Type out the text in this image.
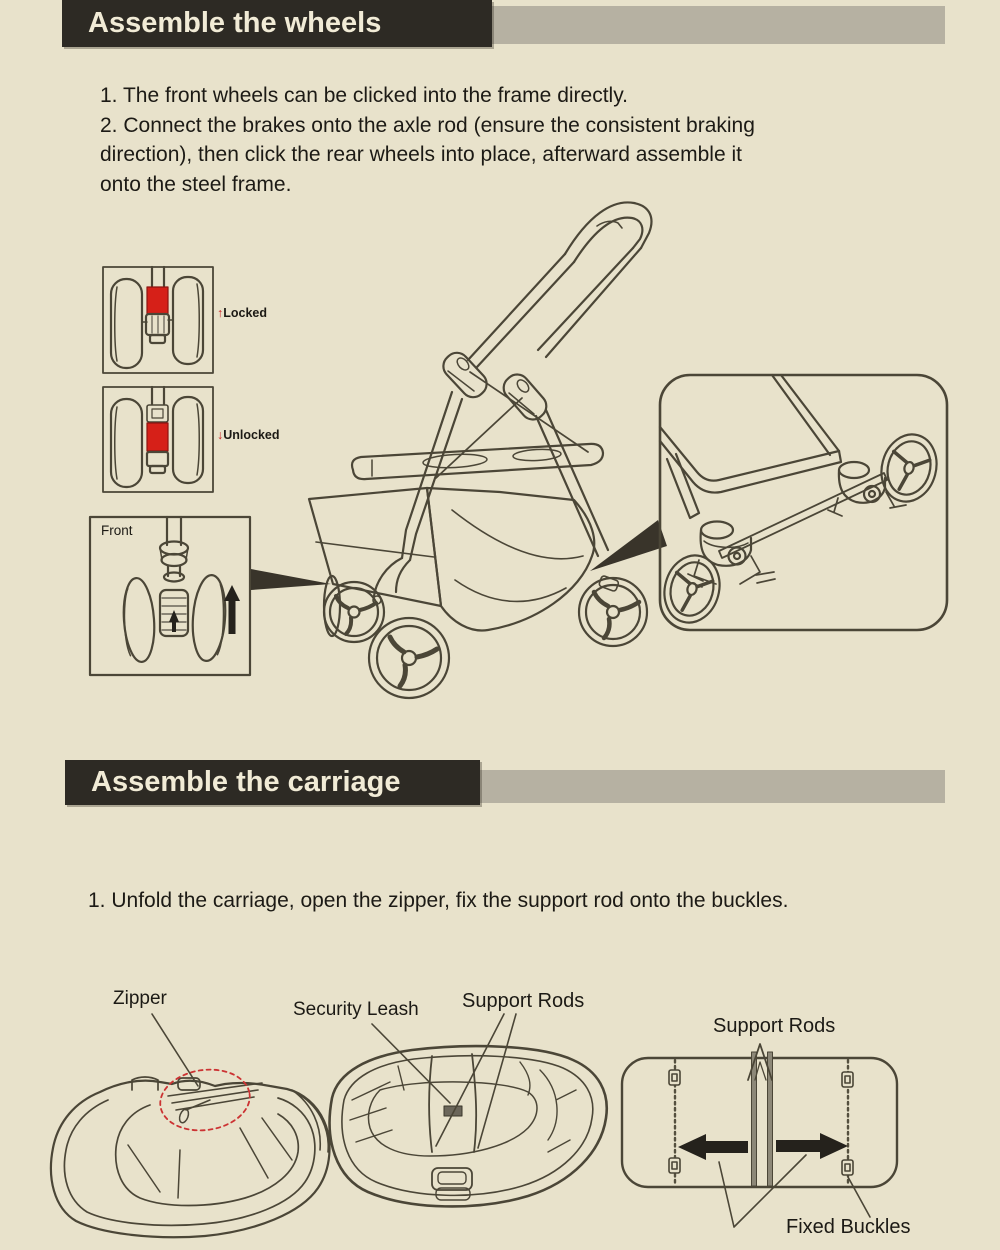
Assemble the wheels
Assemble the carriage
1. The front wheels can be clicked into the frame directly.
2. Connect the brakes onto the axle rod (ensure the consistent braking
direction), then click the rear wheels into place, afterward assemble it
onto the steel frame.
1. Unfold the carriage, open the zipper, fix the support rod onto the buckles.
↑Locked
↓Unlocked
Front
Zipper
Security Leash Support Rods
Support Rods
Fixed Buckles
